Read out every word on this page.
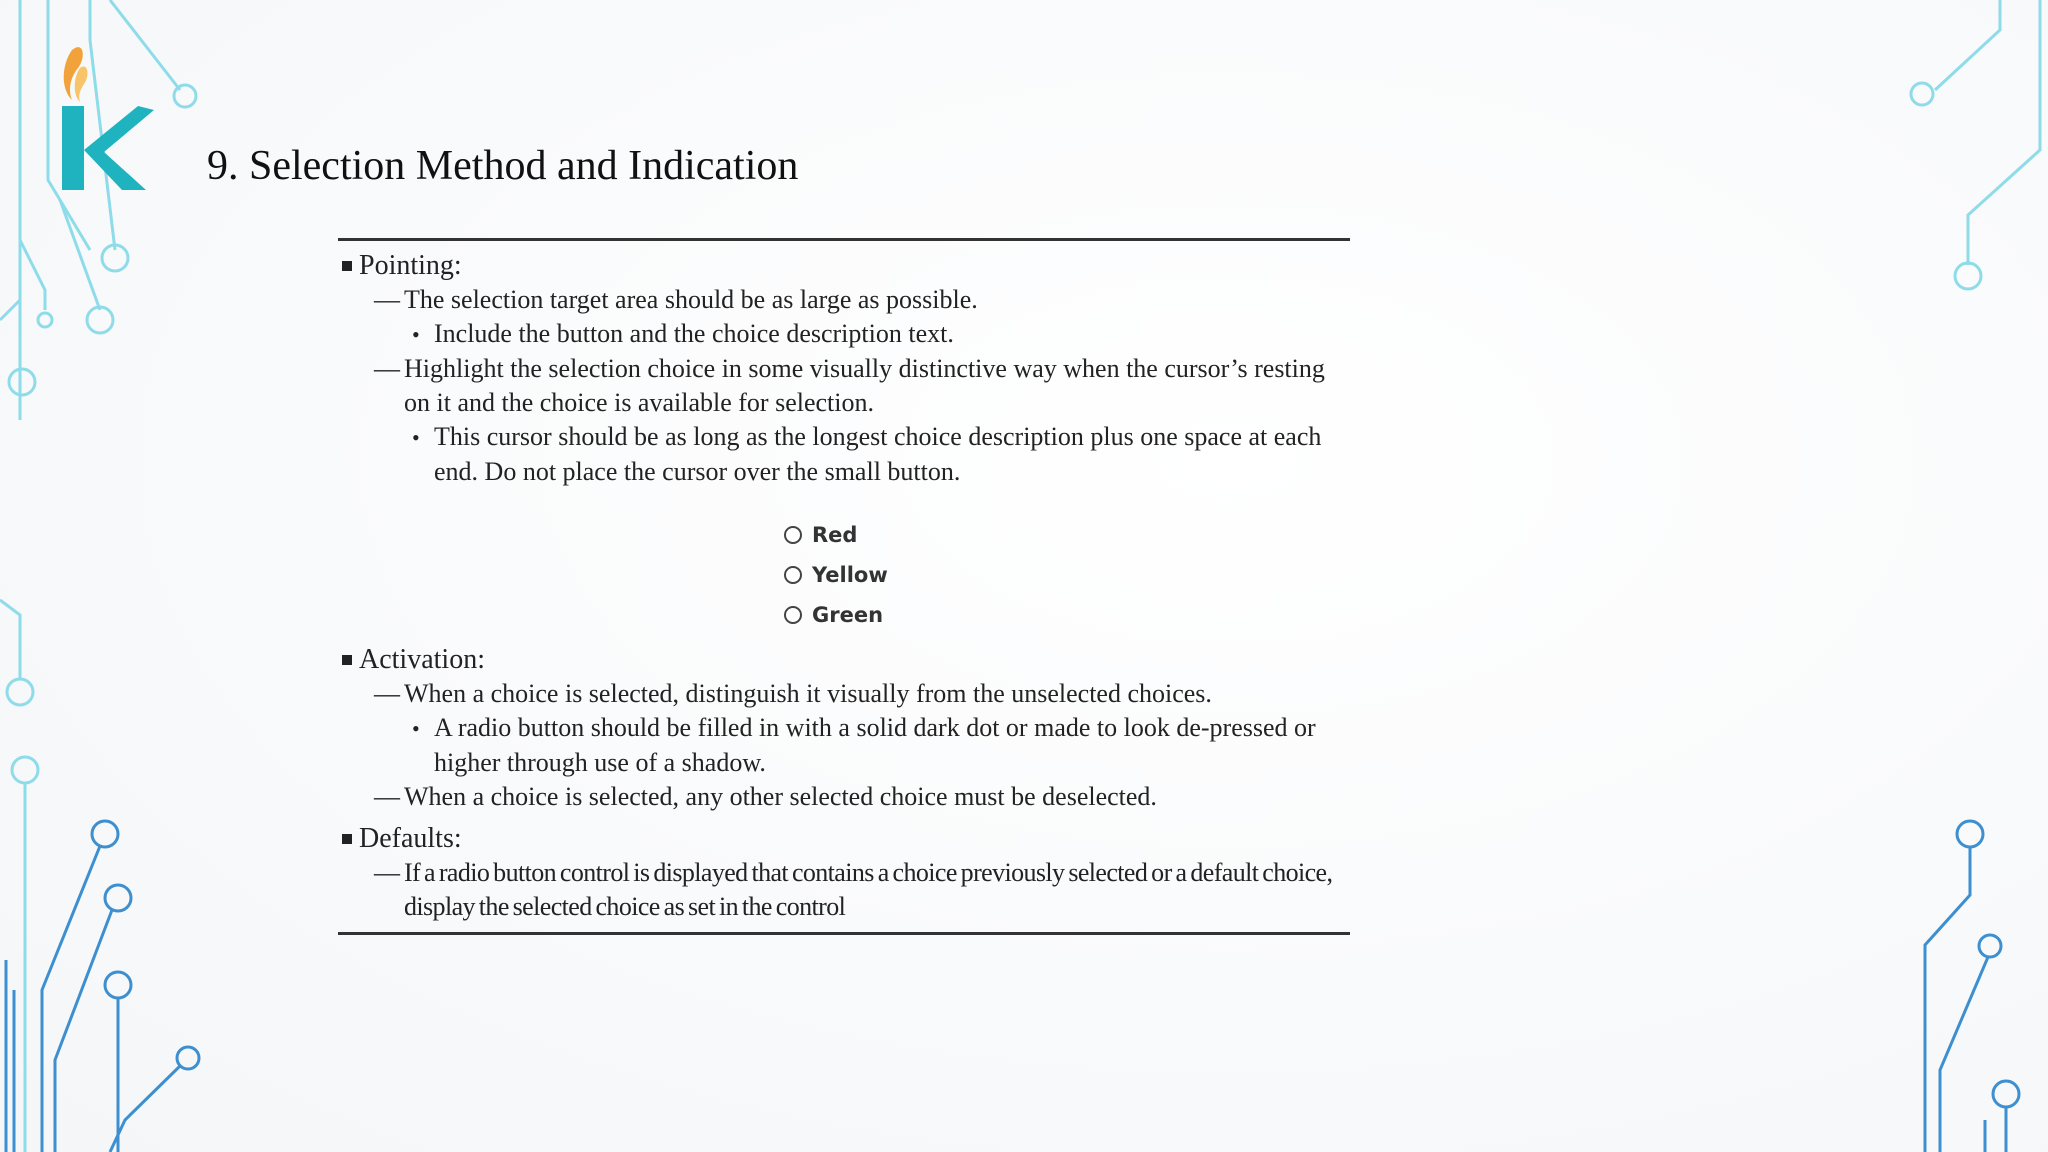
9. Selection Method and Indication
Pointing:
— The selection target area should be as large as possible.
• Include the button and the choice description text.
— Highlight the selection choice in some visually distinctive way when the cursor’s resting on it and the choice is available for selection.
• This cursor should be as long as the longest choice description plus one space at each end. Do not place the cursor over the small button.
Red
Yellow
Green
Activation:
— When a choice is selected, distinguish it visually from the unselected choices.
• A radio button should be filled in with a solid dark dot or made to look de-pressed or higher through use of a shadow.
— When a choice is selected, any other selected choice must be deselected.
Defaults:
— If a radio button control is displayed that contains a choice previously selected or a default choice, display the selected choice as set in the control
